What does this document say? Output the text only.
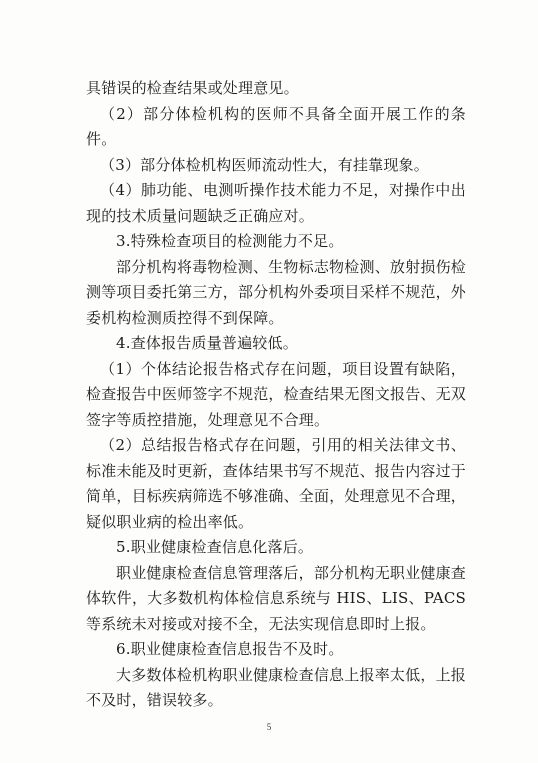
具错误的检查结果或处理意见。

（2）部分体检机构的医师不具备全面开展工作的条件。

（3）部分体检机构医师流动性大，有挂靠现象。

（4）肺功能、电测听操作技术能力不足，对操作中出现的技术质量问题缺乏正确应对。

3.特殊检查项目的检测能力不足。

部分机构将毒物检测、生物标志物检测、放射损伤检测等项目委托第三方，部分机构外委项目采样不规范，外委机构检测质控得不到保障。

4.查体报告质量普遍较低。

（1）个体结论报告格式存在问题，项目设置有缺陷，检查报告中医师签字不规范，检查结果无图文报告、无双签字等质控措施，处理意见不合理。

（2）总结报告格式存在问题，引用的相关法律文书、标准未能及时更新，查体结果书写不规范、报告内容过于简单，目标疾病筛选不够准确、全面，处理意见不合理，疑似职业病的检出率低。

5.职业健康检查信息化落后。

职业健康检查信息管理落后，部分机构无职业健康查体软件，大多数机构体检信息系统与 HIS、LIS、PACS 等系统未对接或对接不全，无法实现信息即时上报。

6.职业健康检查信息报告不及时。

大多数体检机构职业健康检查信息上报率太低，上报不及时，错误较多。

5
